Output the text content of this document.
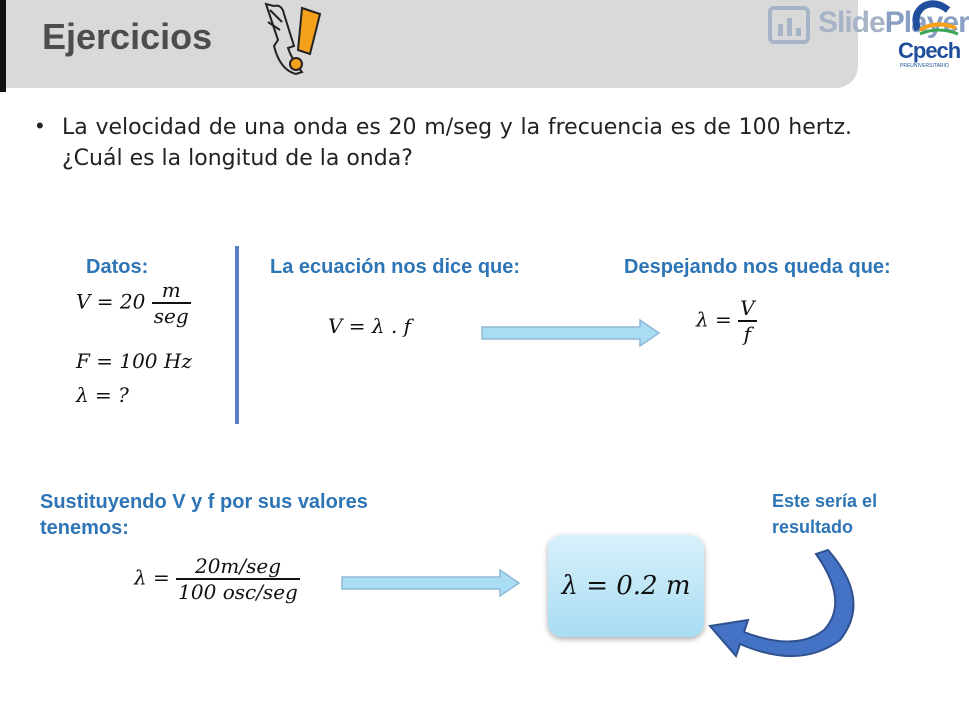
Ejercicios	SlidePlayer
Cpech
PREUNIVERSITARIO
• La velocidad de una onda es 20 m/seg y la frecuencia es de 100 hertz. ¿Cuál es la longitud de la onda?
Datos:
$V = 20 \frac{m}{\text{seg}}$
F = 100 Hz
λ = ?
La ecuación nos dice que:
V = λ . f
Despejando nos queda que:
$\lambda = \frac{V}{f}$
Sustituyendo V y f por sus valores
tenemos:
$\lambda = \frac{\text{20m/seg}}{\text{100 osc/seg}}$	λ = 0.2 m
Este sería el
resultado
